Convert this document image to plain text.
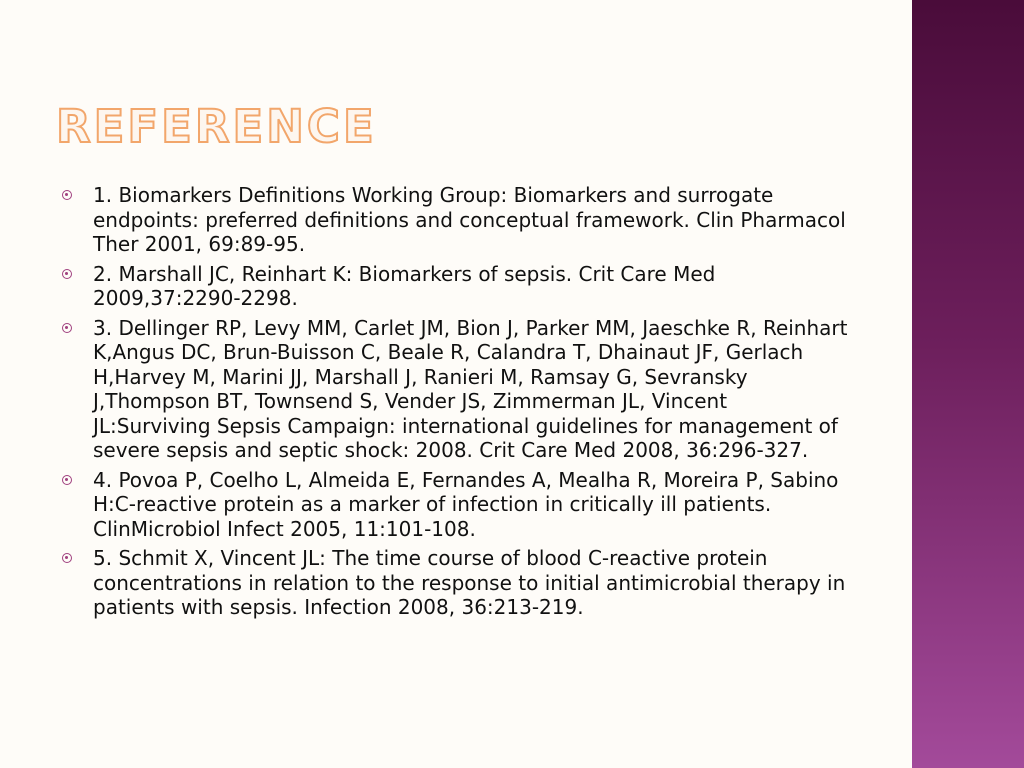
REFERENCE
1. Biomarkers Definitions Working Group: Biomarkers and surrogate endpoints: preferred definitions and conceptual framework. Clin Pharmacol Ther 2001, 69:89-95.
2. Marshall JC, Reinhart K: Biomarkers of sepsis. Crit Care Med 2009,37:2290-2298.
3. Dellinger RP, Levy MM, Carlet JM, Bion J, Parker MM, Jaeschke R, Reinhart K,Angus DC, Brun-Buisson C, Beale R, Calandra T, Dhainaut JF, Gerlach H,Harvey M, Marini JJ, Marshall J, Ranieri M, Ramsay G, Sevransky J,Thompson BT, Townsend S, Vender JS, Zimmerman JL, Vincent JL:Surviving Sepsis Campaign: international guidelines for management of severe sepsis and septic shock: 2008. Crit Care Med 2008, 36:296-327.
4. Povoa P, Coelho L, Almeida E, Fernandes A, Mealha R, Moreira P, Sabino H:C-reactive protein as a marker of infection in critically ill patients. ClinMicrobiol Infect 2005, 11:101-108.
5. Schmit X, Vincent JL: The time course of blood C-reactive protein concentrations in relation to the response to initial antimicrobial therapy in patients with sepsis. Infection 2008, 36:213-219.
